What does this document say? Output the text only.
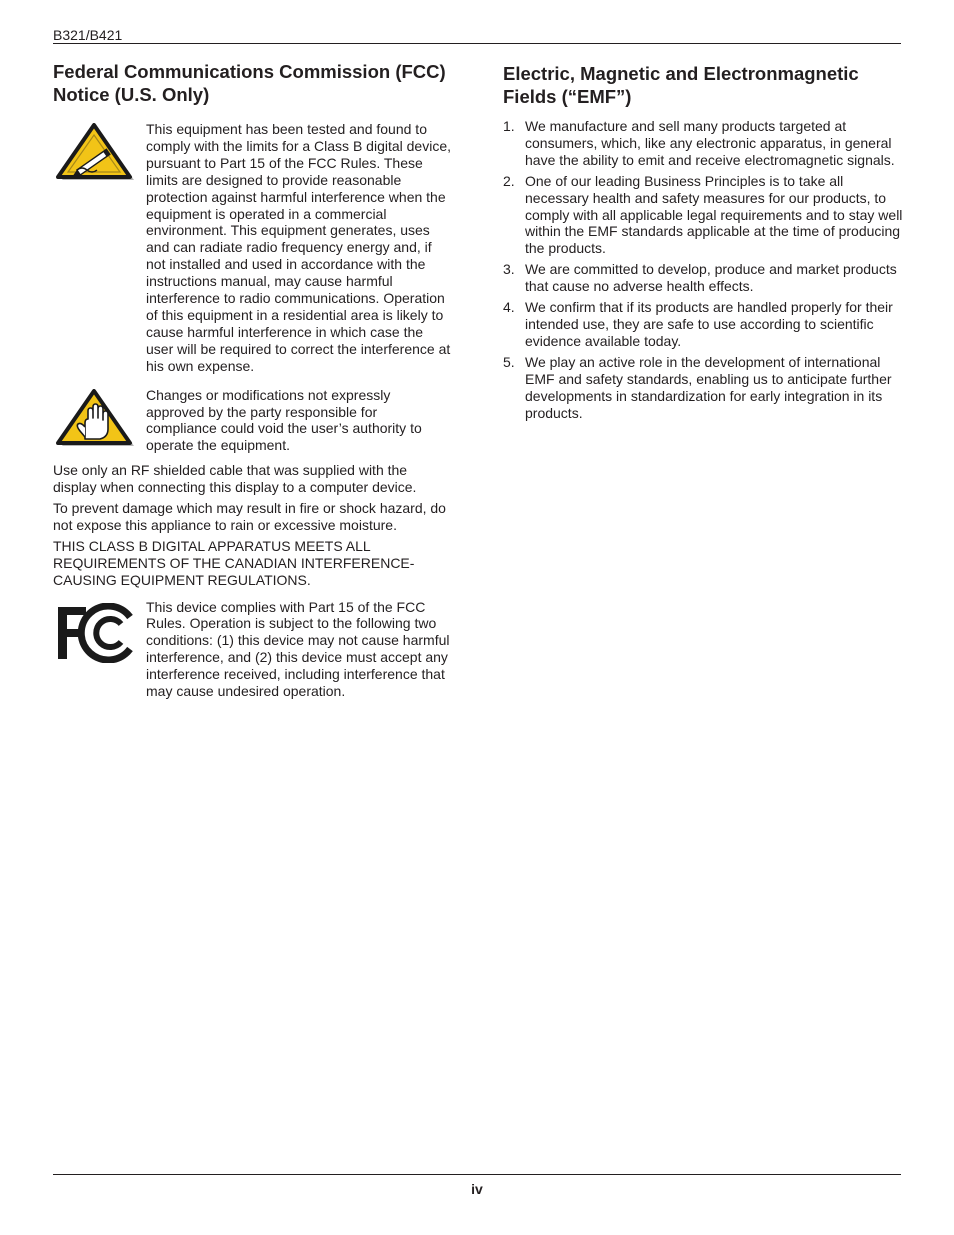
B321/B421
Federal Communications Commission (FCC) Notice (U.S. Only)
This equipment has been tested and found to comply with the limits for a Class B digital device, pursuant to Part 15 of the FCC Rules. These limits are designed to provide reasonable protection against harmful interference when the equipment is operated in a commercial environment. This equipment generates, uses and can radiate radio frequency energy and, if not installed and used in accordance with the instructions manual, may cause harmful interference to radio communications. Operation of this equipment in a residential area is likely to cause harmful interference in which case the user will be required to correct the interference at his own expense.
Changes or modifications not expressly approved by the party responsible for compliance could void the user’s authority to operate the equipment.

Use only an RF shielded cable that was supplied with the display when connecting this display to a computer device.

To prevent damage which may result in fire or shock hazard, do not expose this appliance to rain or excessive moisture.

THIS CLASS B DIGITAL APPARATUS MEETS ALL REQUIREMENTS OF THE CANADIAN INTERFERENCE-CAUSING EQUIPMENT REGULATIONS.

This device complies with Part 15 of the FCC Rules. Operation is subject to the following two conditions: (1) this device may not cause harmful interference, and (2) this device must accept any interference received, including interference that may cause undesired operation.
Electric, Magnetic and Electronmagnetic Fields (“EMF”)
1. We manufacture and sell many products targeted at consumers, which, like any electronic apparatus, in general have the ability to emit and receive electromagnetic signals.
2. One of our leading Business Principles is to take all necessary health and safety measures for our products, to comply with all applicable legal requirements and to stay well within the EMF standards applicable at the time of producing the products.
3. We are committed to develop, produce and market products that cause no adverse health effects.
4. We confirm that if its products are handled properly for their intended use, they are safe to use according to scientific evidence available today.
5. We play an active role in the development of international EMF and safety standards, enabling us to anticipate further developments in standardization for early integration in its products.
iv
